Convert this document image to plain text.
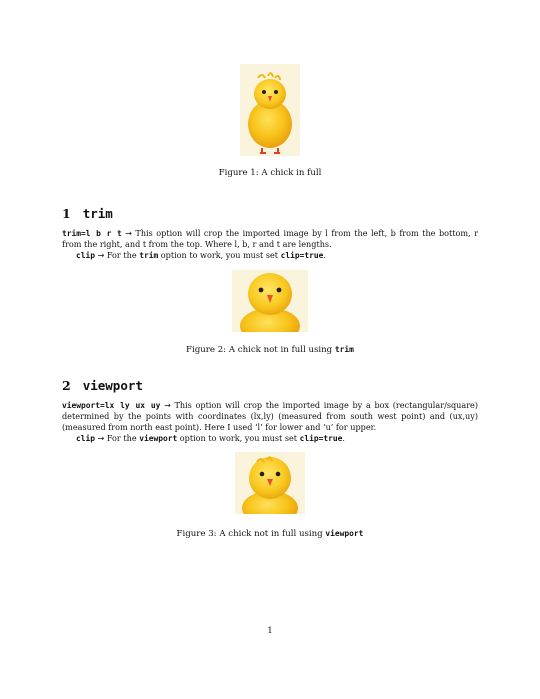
Figure 1: A chick in full
1 trim
trim=l b r t → This option will crop the imported image by l from the left, b from the bottom, r from the right, and t from the top. Where l, b, r and t are lengths.
clip → For the trim option to work, you must set clip=true.
Figure 2: A chick not in full using trim
2 viewport
viewport=lx ly ux uy → This option will crop the imported image by a box (rectangular/square) determined by the points with coordinates (lx,ly) (measured from south west point) and (ux,uy) (measured from north east point). Here I used ‘l’ for lower and ‘u’ for upper.
clip → For the viewport option to work, you must set clip=true.
Figure 3: A chick not in full using viewport
1
